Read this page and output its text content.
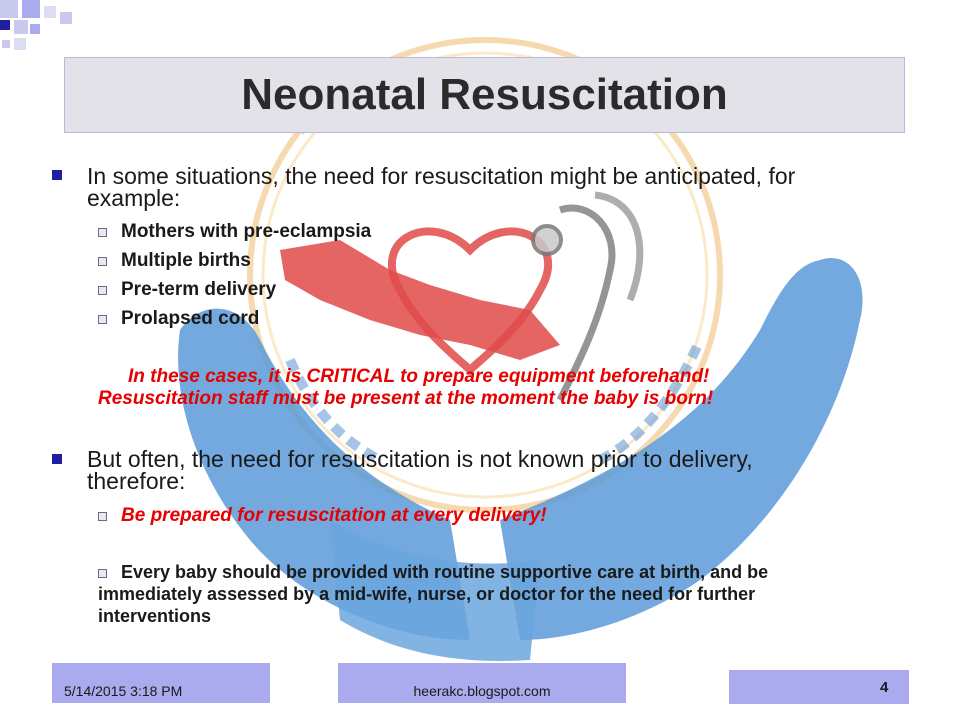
Neonatal Resuscitation
In some situations, the need for resuscitation might be anticipated, for
example:
Mothers with pre-eclampsia
Multiple births
Pre-term delivery
Prolapsed cord
In these cases, it is CRITICAL to prepare equipment beforehand!
Resuscitation staff must be present at the moment the baby is born!
But often, the need for resuscitation is not known prior to delivery,
therefore:
Be prepared for resuscitation at every delivery!
Every baby should be provided with routine supportive care at birth, and be
immediately assessed by a mid-wife, nurse, or doctor for the need for further
interventions
5/14/2015 3:18 PM	heerakc.blogspot.com	4
